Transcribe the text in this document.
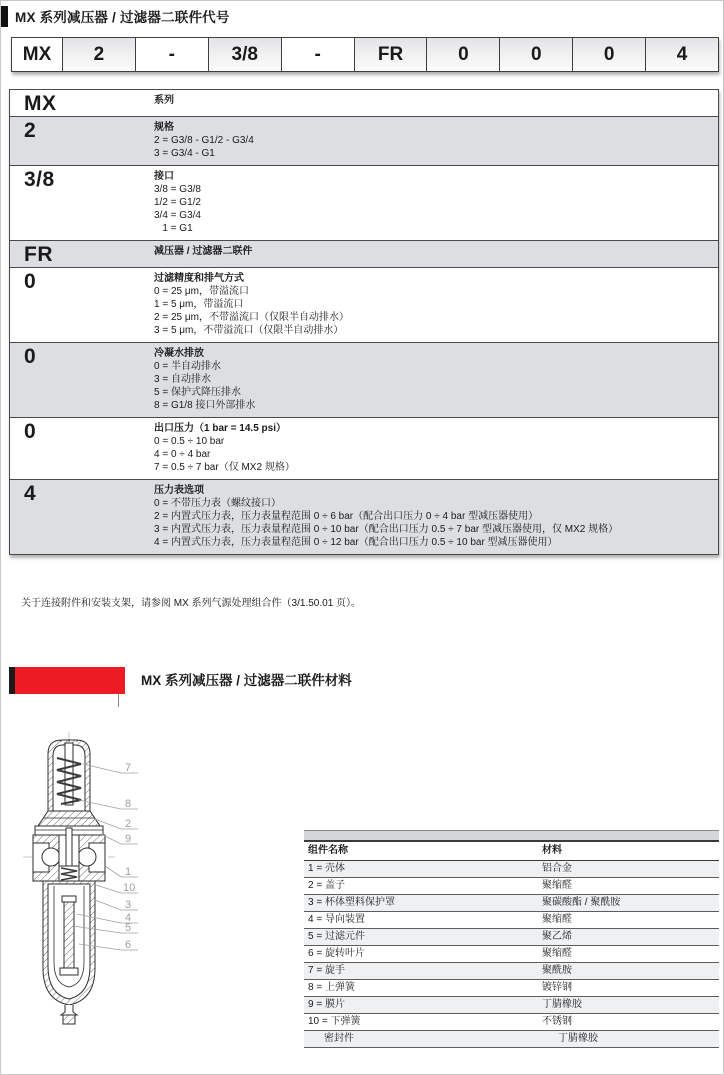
MX 系列减压器 / 过滤器二联件代号
MX	2	-	3/8	-	FR	0	0	0	4
MX	系列
2	规格
2 = G3/8 - G1/2 - G3/4
3 = G3/4 - G1
3/8	接口
3/8 = G3/8
1/2 = G1/2
3/4 = G3/4
1 = G1
FR	减压器 / 过滤器二联件
0	过滤精度和排气方式
0 = 25 μm，带溢流口
1 = 5 μm，带溢流口
2 = 25 μm，不带溢流口（仅限半自动排水）
3 = 5 μm，不带溢流口（仅限半自动排水）
0	冷凝水排放
0 = 半自动排水
3 = 自动排水
5 = 保护式降压排水
8 = G1/8 接口外部排水
0	出口压力（1 bar = 14.5 psi）
0 = 0.5 ÷ 10 bar
4 = 0 ÷ 4 bar
7 = 0.5 ÷ 7 bar（仅 MX2 规格）
4	压力表选项
0 = 不带压力表（螺纹接口）
2 = 内置式压力表，压力表量程范围 0 ÷ 6 bar（配合出口压力 0 ÷ 4 bar 型减压器使用）
3 = 内置式压力表，压力表量程范围 0 ÷ 10 bar（配合出口压力 0.5 ÷ 7 bar 型减压器使用，仅 MX2 规格）
4 = 内置式压力表，压力表量程范围 0 ÷ 12 bar（配合出口压力 0.5 ÷ 10 bar 型减压器使用）

关于连接附件和安装支架，请参阅 MX 系列气源处理组合件（3/1.50.01 页）。

MX 系列减压器 / 过滤器二联件材料
7
8
2
9
1
10
3
4
5
6
组件名称	材料
1 = 壳体	铝合金
2 = 盖子	聚缩醛
3 = 杯体塑料保护罩	聚碳酸酯 / 聚酰胺
4 = 导向装置	聚缩醛
5 = 过滤元件	聚乙烯
6 = 旋转叶片	聚缩醛
7 = 旋手	聚酰胺
8 = 上弹簧	镀锌钢
9 = 膜片	丁腈橡胶
10 = 下弹簧	不锈钢
密封件	丁腈橡胶
